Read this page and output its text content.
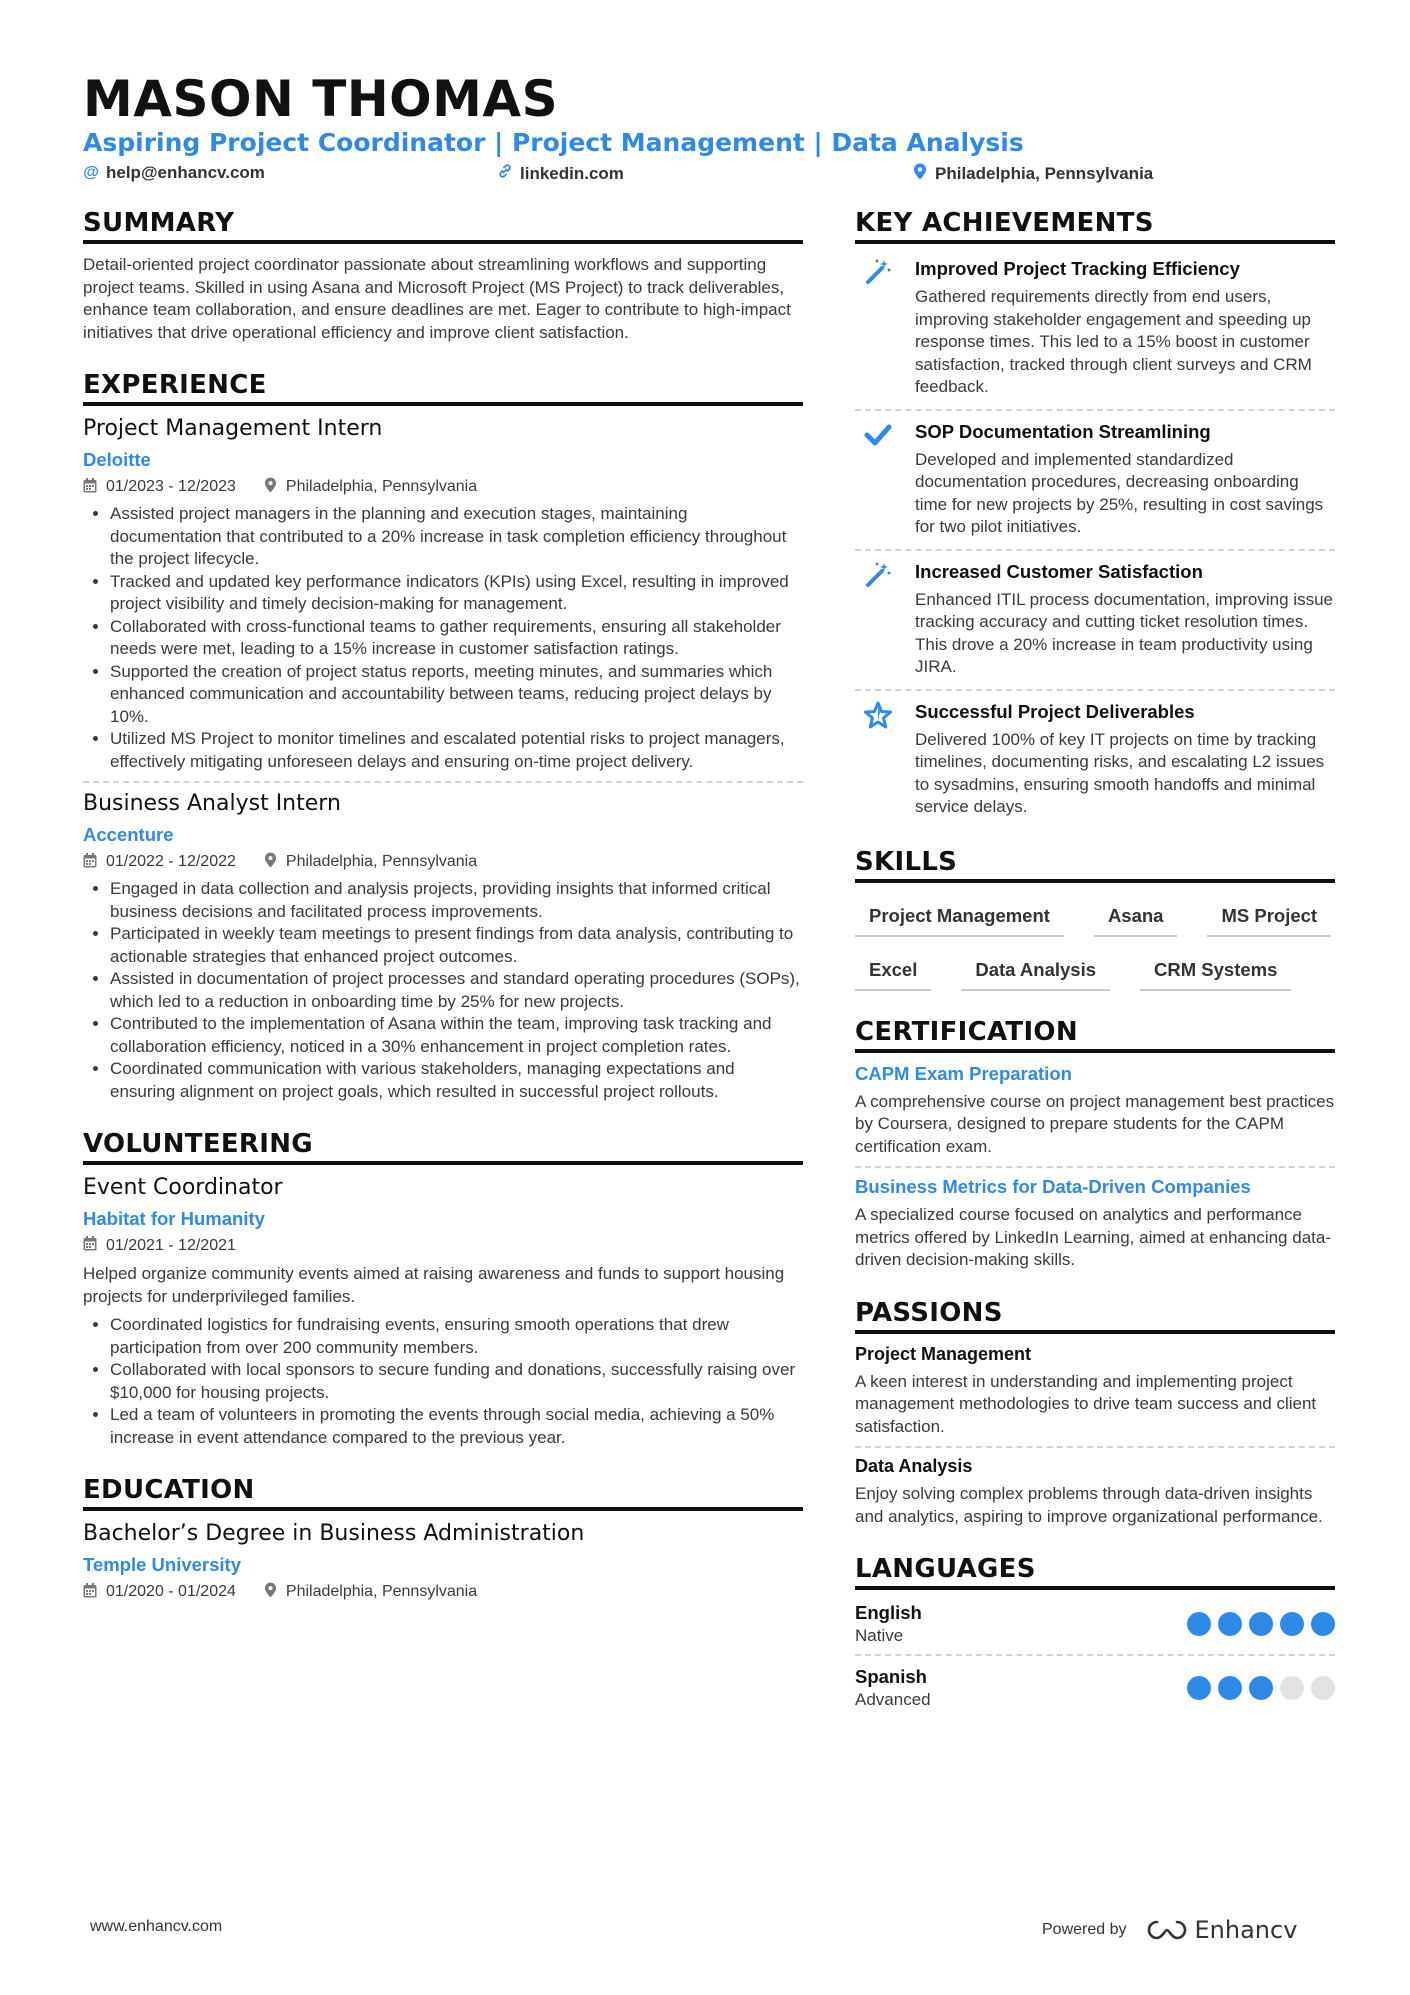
MASON THOMAS
Aspiring Project Coordinator | Project Management | Data Analysis
@ help@enhancv.com	linkedin.com	Philadelphia, Pennsylvania
SUMMARY

Detail-oriented project coordinator passionate about streamlining workflows and supporting project teams. Skilled in using Asana and Microsoft Project (MS Project) to track deliverables, enhance team collaboration, and ensure deadlines are met. Eager to contribute to high-impact initiatives that drive operational efficiency and improve client satisfaction.

EXPERIENCE
Project Management Intern
Deloitte
01/2023 - 12/2023	Philadelphia, Pennsylvania
• Assisted project managers in the planning and execution stages, maintaining documentation that contributed to a 20% increase in task completion efficiency throughout the project lifecycle.
• Tracked and updated key performance indicators (KPIs) using Excel, resulting in improved project visibility and timely decision-making for management.
• Collaborated with cross-functional teams to gather requirements, ensuring all stakeholder needs were met, leading to a 15% increase in customer satisfaction ratings.
• Supported the creation of project status reports, meeting minutes, and summaries which enhanced communication and accountability between teams, reducing project delays by 10%.
• Utilized MS Project to monitor timelines and escalated potential risks to project managers, effectively mitigating unforeseen delays and ensuring on-time project delivery.
Business Analyst Intern
Accenture
01/2022 - 12/2022	Philadelphia, Pennsylvania
• Engaged in data collection and analysis projects, providing insights that informed critical business decisions and facilitated process improvements.
• Participated in weekly team meetings to present findings from data analysis, contributing to actionable strategies that enhanced project outcomes.
• Assisted in documentation of project processes and standard operating procedures (SOPs), which led to a reduction in onboarding time by 25% for new projects.
• Contributed to the implementation of Asana within the team, improving task tracking and collaboration efficiency, noticed in a 30% enhancement in project completion rates.
• Coordinated communication with various stakeholders, managing expectations and ensuring alignment on project goals, which resulted in successful project rollouts.
VOLUNTEERING
Event Coordinator
Habitat for Humanity
01/2021 - 12/2021

Helped organize community events aimed at raising awareness and funds to support housing projects for underprivileged families.

• Coordinated logistics for fundraising events, ensuring smooth operations that drew participation from over 200 community members.
• Collaborated with local sponsors to secure funding and donations, successfully raising over $10,000 for housing projects.
• Led a team of volunteers in promoting the events through social media, achieving a 50% increase in event attendance compared to the previous year.
EDUCATION
Bachelor’s Degree in Business Administration
Temple University
01/2020 - 01/2024	Philadelphia, Pennsylvania
KEY ACHIEVEMENTS
Improved Project Tracking Efficiency
Gathered requirements directly from end users, improving stakeholder engagement and speeding up response times. This led to a 15% boost in customer satisfaction, tracked through client surveys and CRM feedback.
SOP Documentation Streamlining
Developed and implemented standardized documentation procedures, decreasing onboarding time for new projects by 25%, resulting in cost savings for two pilot initiatives.
Increased Customer Satisfaction
Enhanced ITIL process documentation, improving issue tracking accuracy and cutting ticket resolution times. This drove a 20% increase in team productivity using JIRA.
Successful Project Deliverables
Delivered 100% of key IT projects on time by tracking timelines, documenting risks, and escalating L2 issues to sysadmins, ensuring smooth handoffs and minimal service delays.
SKILLS
Project Management	Asana	MS Project
Excel	Data Analysis	CRM Systems
CERTIFICATION
CAPM Exam Preparation
A comprehensive course on project management best practices by Coursera, designed to prepare students for the CAPM certification exam.
Business Metrics for Data-Driven Companies
A specialized course focused on analytics and performance metrics offered by LinkedIn Learning, aimed at enhancing data-driven decision-making skills.
PASSIONS
Project Management
A keen interest in understanding and implementing project management methodologies to drive team success and client satisfaction.
Data Analysis
Enjoy solving complex problems through data-driven insights and analytics, aspiring to improve organizational performance.
LANGUAGES
English
Native
Spanish
Advanced
www.enhancv.com	Powered by	Enhancv
